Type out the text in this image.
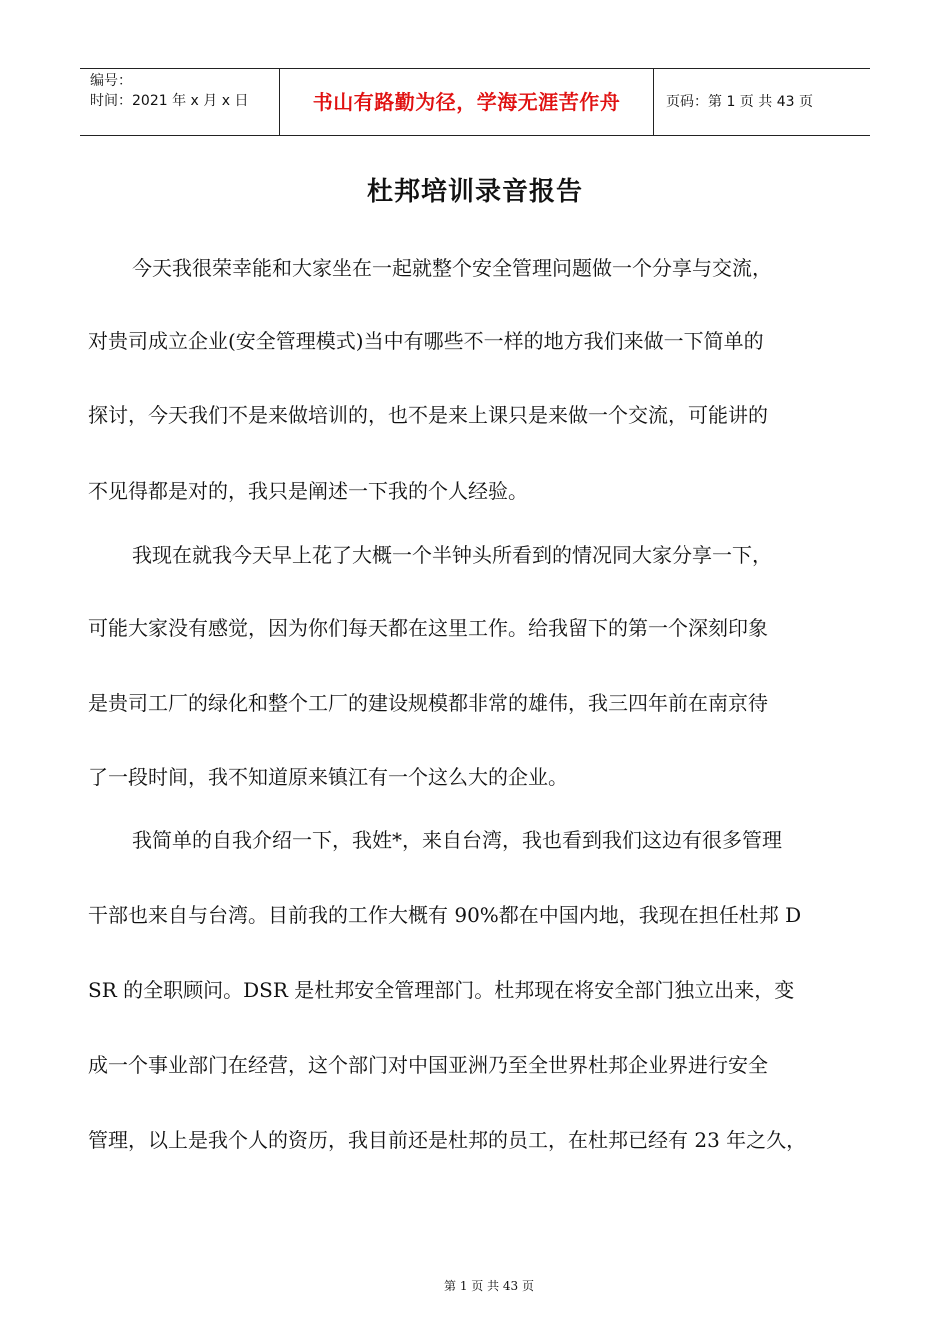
编号：
时间：2021 年 x 月 x 日	书山有路勤为径，学海无涯苦作舟	页码：第 1 页 共 43 页
杜邦培训录音报告
今天我很荣幸能和大家坐在一起就整个安全管理问题做一个分享与交流，
对贵司成立企业(安全管理模式)当中有哪些不一样的地方我们来做一下简单的
探讨，今天我们不是来做培训的，也不是来上课只是来做一个交流，可能讲的
不见得都是对的，我只是阐述一下我的个人经验。
我现在就我今天早上花了大概一个半钟头所看到的情况同大家分享一下，
可能大家没有感觉，因为你们每天都在这里工作。给我留下的第一个深刻印象
是贵司工厂的绿化和整个工厂的建设规模都非常的雄伟，我三四年前在南京待
了一段时间，我不知道原来镇江有一个这么大的企业。
我简单的自我介绍一下，我姓*，来自台湾，我也看到我们这边有很多管理
干部也来自与台湾。目前我的工作大概有 90%都在中国内地，我现在担任杜邦 D
SR 的全职顾问。DSR 是杜邦安全管理部门。杜邦现在将安全部门独立出来，变
成一个事业部门在经营，这个部门对中国亚洲乃至全世界杜邦企业界进行安全
管理，以上是我个人的资历，我目前还是杜邦的员工，在杜邦已经有 23 年之久，
第 1 页 共 43 页
